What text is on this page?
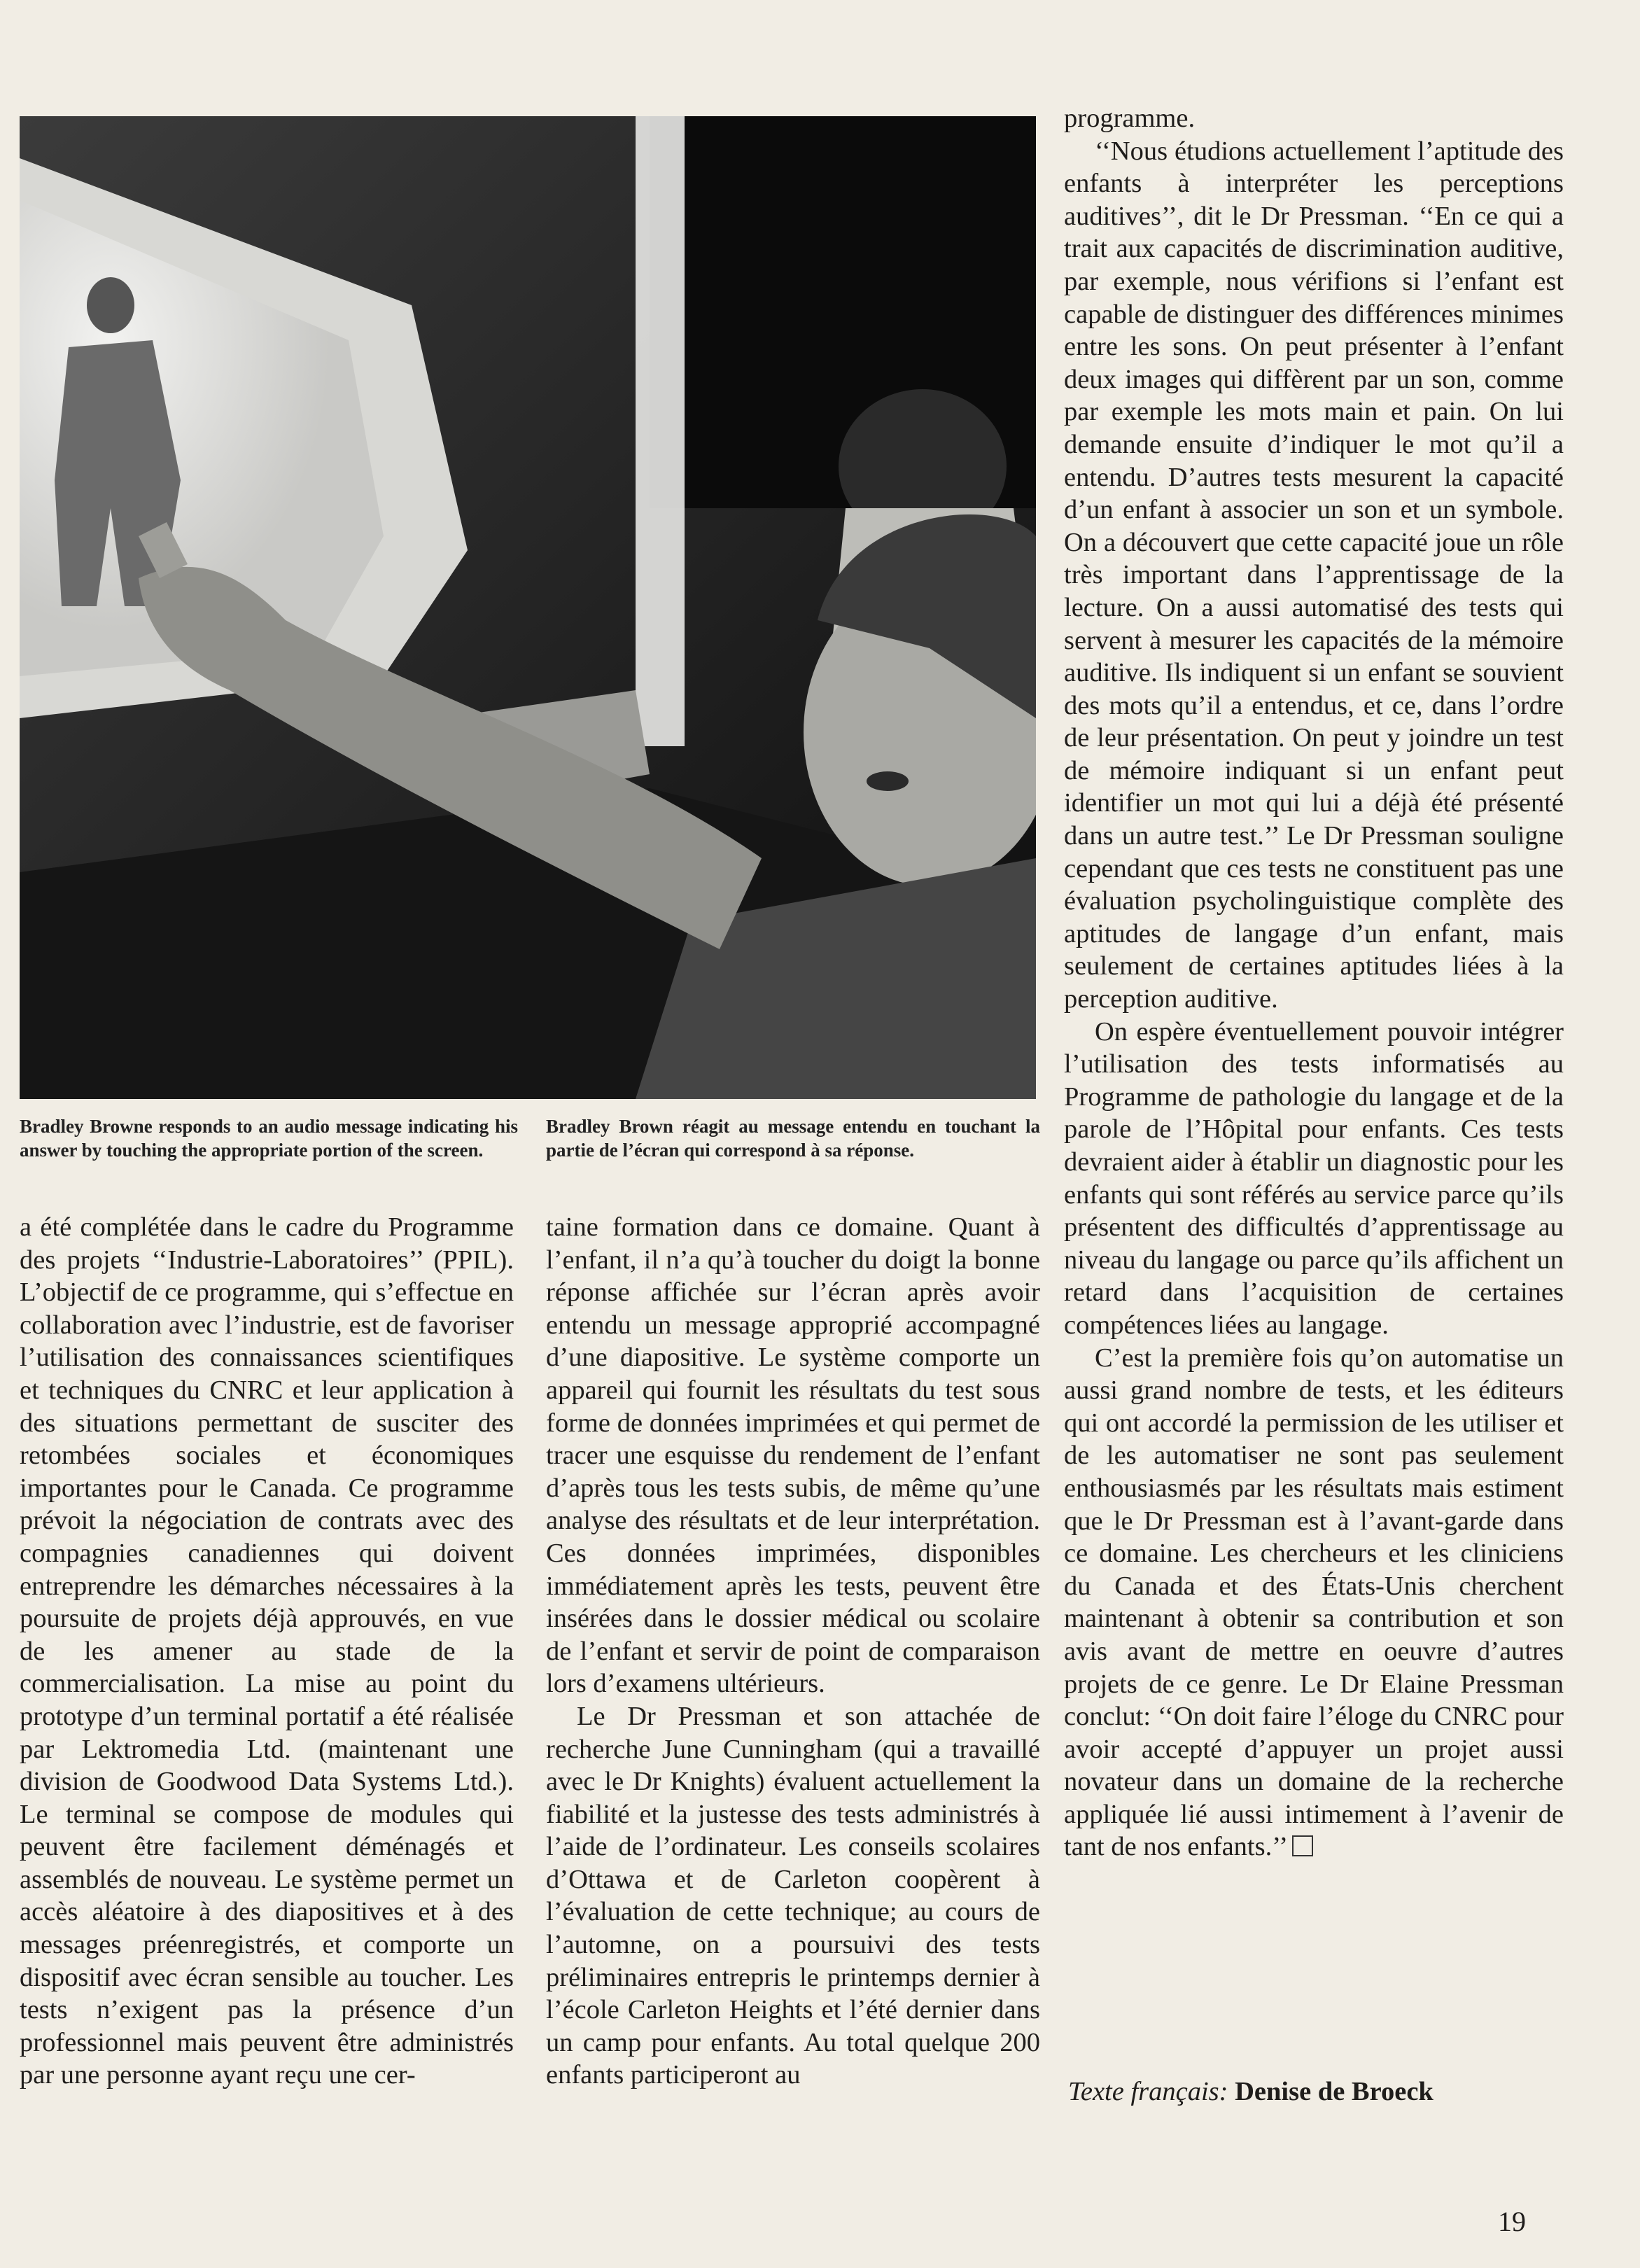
Bradley Browne responds to an audio message indicating his answer by touching the appropriate portion of the screen.
Bradley Brown réagit au message entendu en touchant la partie de l’écran qui correspond à sa réponse.

a été complétée dans le cadre du Programme des projets ‘‘Industrie-Laboratoires’’ (PPIL). L’objectif de ce programme, qui s’effectue en collaboration avec l’industrie, est de favoriser l’utilisation des connaissances scientifiques et techniques du CNRC et leur application à des situations permettant de susciter des retombées sociales et économiques importantes pour le Canada. Ce programme prévoit la négociation de contrats avec des compagnies canadiennes qui doivent entreprendre les démarches nécessaires à la poursuite de projets déjà approuvés, en vue de les amener au stade de la commercialisation. La mise au point du prototype d’un terminal portatif a été réalisée par Lektromedia Ltd. (maintenant une division de Goodwood Data Systems Ltd.). Le terminal se compose de modules qui peuvent être facilement déménagés et assemblés de nouveau. Le système permet un accès aléatoire à des diapositives et à des messages préenregistrés, et comporte un dispositif avec écran sensible au toucher. Les tests n’exigent pas la présence d’un professionnel mais peuvent être administrés par une personne ayant reçu une cer-

taine formation dans ce domaine. Quant à l’enfant, il n’a qu’à toucher du doigt la bonne réponse affichée sur l’écran après avoir entendu un message approprié accompagné d’une diapositive. Le système comporte un appareil qui fournit les résultats du test sous forme de données imprimées et qui permet de tracer une esquisse du rendement de l’enfant d’après tous les tests subis, de même qu’une analyse des résultats et de leur interprétation. Ces données imprimées, disponibles immédiatement après les tests, peuvent être insérées dans le dossier médical ou scolaire de l’enfant et servir de point de comparaison lors d’examens ultérieurs.

Le Dr Pressman et son attachée de recherche June Cunningham (qui a travaillé avec le Dr Knights) évaluent actuellement la fiabilité et la justesse des tests administrés à l’aide de l’ordinateur. Les conseils scolaires d’Ottawa et de Carleton coopèrent à l’évaluation de cette technique; au cours de l’automne, on a poursuivi des tests préliminaires entrepris le printemps dernier à l’école Carleton Heights et l’été dernier dans un camp pour enfants. Au total quelque 200 enfants participeront au

programme.

‘‘Nous étudions actuellement l’aptitude des enfants à interpréter les perceptions auditives’’, dit le Dr Pressman. ‘‘En ce qui a trait aux capacités de discrimination auditive, par exemple, nous vérifions si l’enfant est capable de distinguer des différences minimes entre les sons. On peut présenter à l’enfant deux images qui diffèrent par un son, comme par exemple les mots main et pain. On lui demande ensuite d’indiquer le mot qu’il a entendu. D’autres tests mesurent la capacité d’un enfant à associer un son et un symbole. On a découvert que cette capacité joue un rôle très important dans l’apprentissage de la lecture. On a aussi automatisé des tests qui servent à mesurer les capacités de la mémoire auditive. Ils indiquent si un enfant se souvient des mots qu’il a entendus, et ce, dans l’ordre de leur présentation. On peut y joindre un test de mémoire indiquant si un enfant peut identifier un mot qui lui a déjà été présenté dans un autre test.’’ Le Dr Pressman souligne cependant que ces tests ne constituent pas une évaluation psycholinguistique complète des aptitudes de langage d’un enfant, mais seulement de certaines aptitudes liées à la perception auditive.

On espère éventuellement pouvoir intégrer l’utilisation des tests informatisés au Programme de pathologie du langage et de la parole de l’Hôpital pour enfants. Ces tests devraient aider à établir un diagnostic pour les enfants qui sont référés au service parce qu’ils présentent des difficultés d’apprentissage au niveau du langage ou parce qu’ils affichent un retard dans l’acquisition de certaines compétences liées au langage.

C’est la première fois qu’on automatise un aussi grand nombre de tests, et les éditeurs qui ont accordé la permission de les utiliser et de les automatiser ne sont pas seulement enthousiasmés par les résultats mais estiment que le Dr Pressman est à l’avant-garde dans ce domaine. Les chercheurs et les cliniciens du Canada et des États-Unis cherchent maintenant à obtenir sa contribution et son avis avant de mettre en oeuvre d’autres projets de ce genre. Le Dr Elaine Pressman conclut: ‘‘On doit faire l’éloge du CNRC pour avoir accepté d’appuyer un projet aussi novateur dans un domaine de la recherche appliquée lié aussi intimement à l’avenir de tant de nos enfants.’’

Texte français: Denise de Broeck
19
